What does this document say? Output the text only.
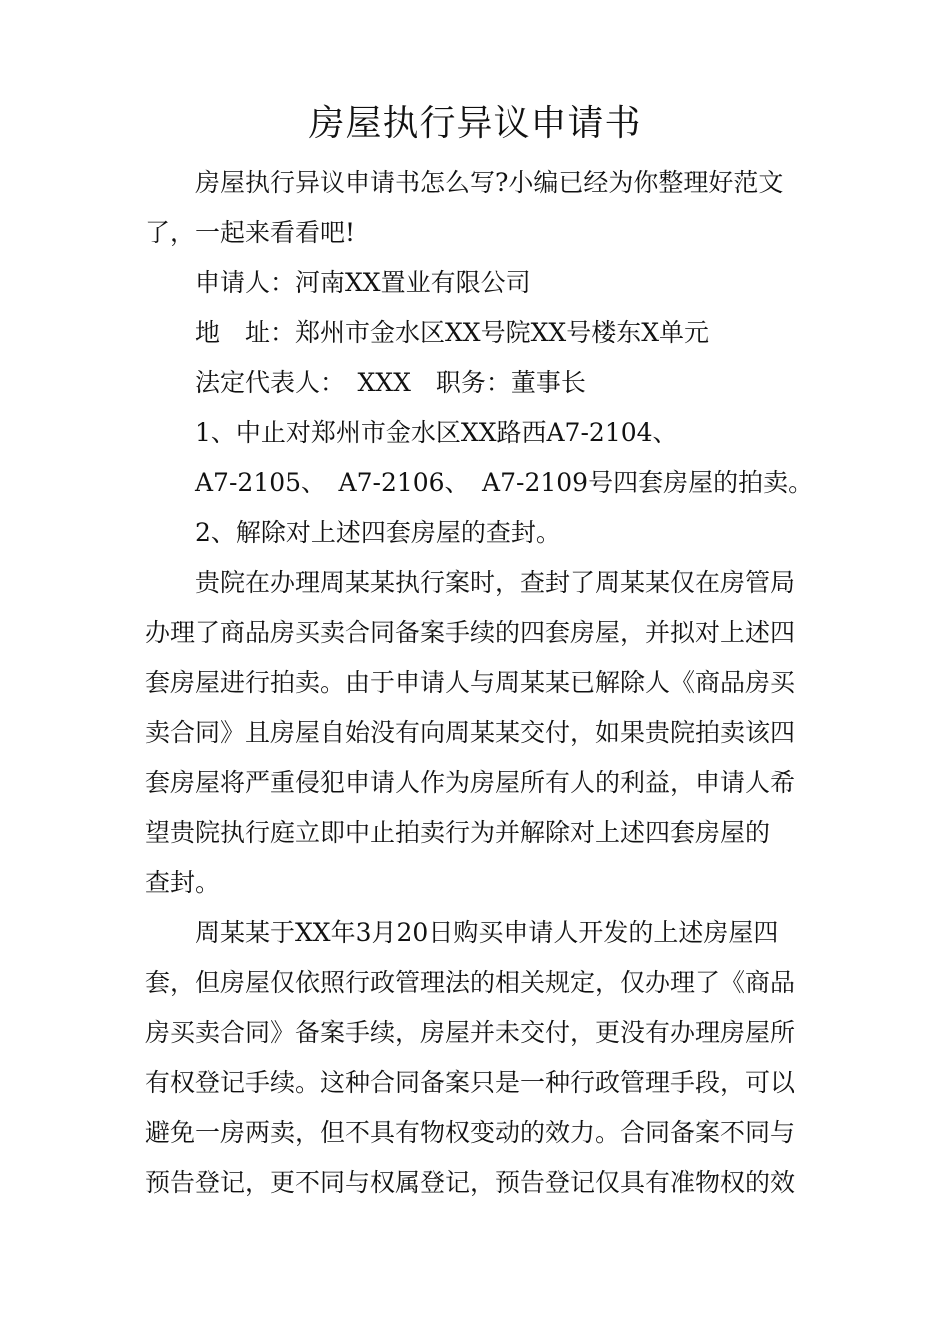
房屋执行异议申请书
房屋执行异议申请书怎么写?小编已经为你整理好范文
了，一起来看看吧!
申请人：河南XX置业有限公司
地　址：郑州市金水区XX号院XX号楼东X单元
法定代表人：　XXX　职务：董事长
1、中止对郑州市金水区XX路西A7-2104、
A7-2105、　A7-2106、　A7-2109号四套房屋的拍卖。
2、解除对上述四套房屋的查封。
贵院在办理周某某执行案时，查封了周某某仅在房管局
办理了商品房买卖合同备案手续的四套房屋，并拟对上述四
套房屋进行拍卖。由于申请人与周某某已解除人《商品房买
卖合同》且房屋自始没有向周某某交付，如果贵院拍卖该四
套房屋将严重侵犯申请人作为房屋所有人的利益，申请人希
望贵院执行庭立即中止拍卖行为并解除对上述四套房屋的
查封。
周某某于XX年3月20日购买申请人开发的上述房屋四
套，但房屋仅依照行政管理法的相关规定，仅办理了《商品
房买卖合同》备案手续，房屋并未交付，更没有办理房屋所
有权登记手续。这种合同备案只是一种行政管理手段，可以
避免一房两卖，但不具有物权变动的效力。合同备案不同与
预告登记，更不同与权属登记，预告登记仅具有准物权的效
